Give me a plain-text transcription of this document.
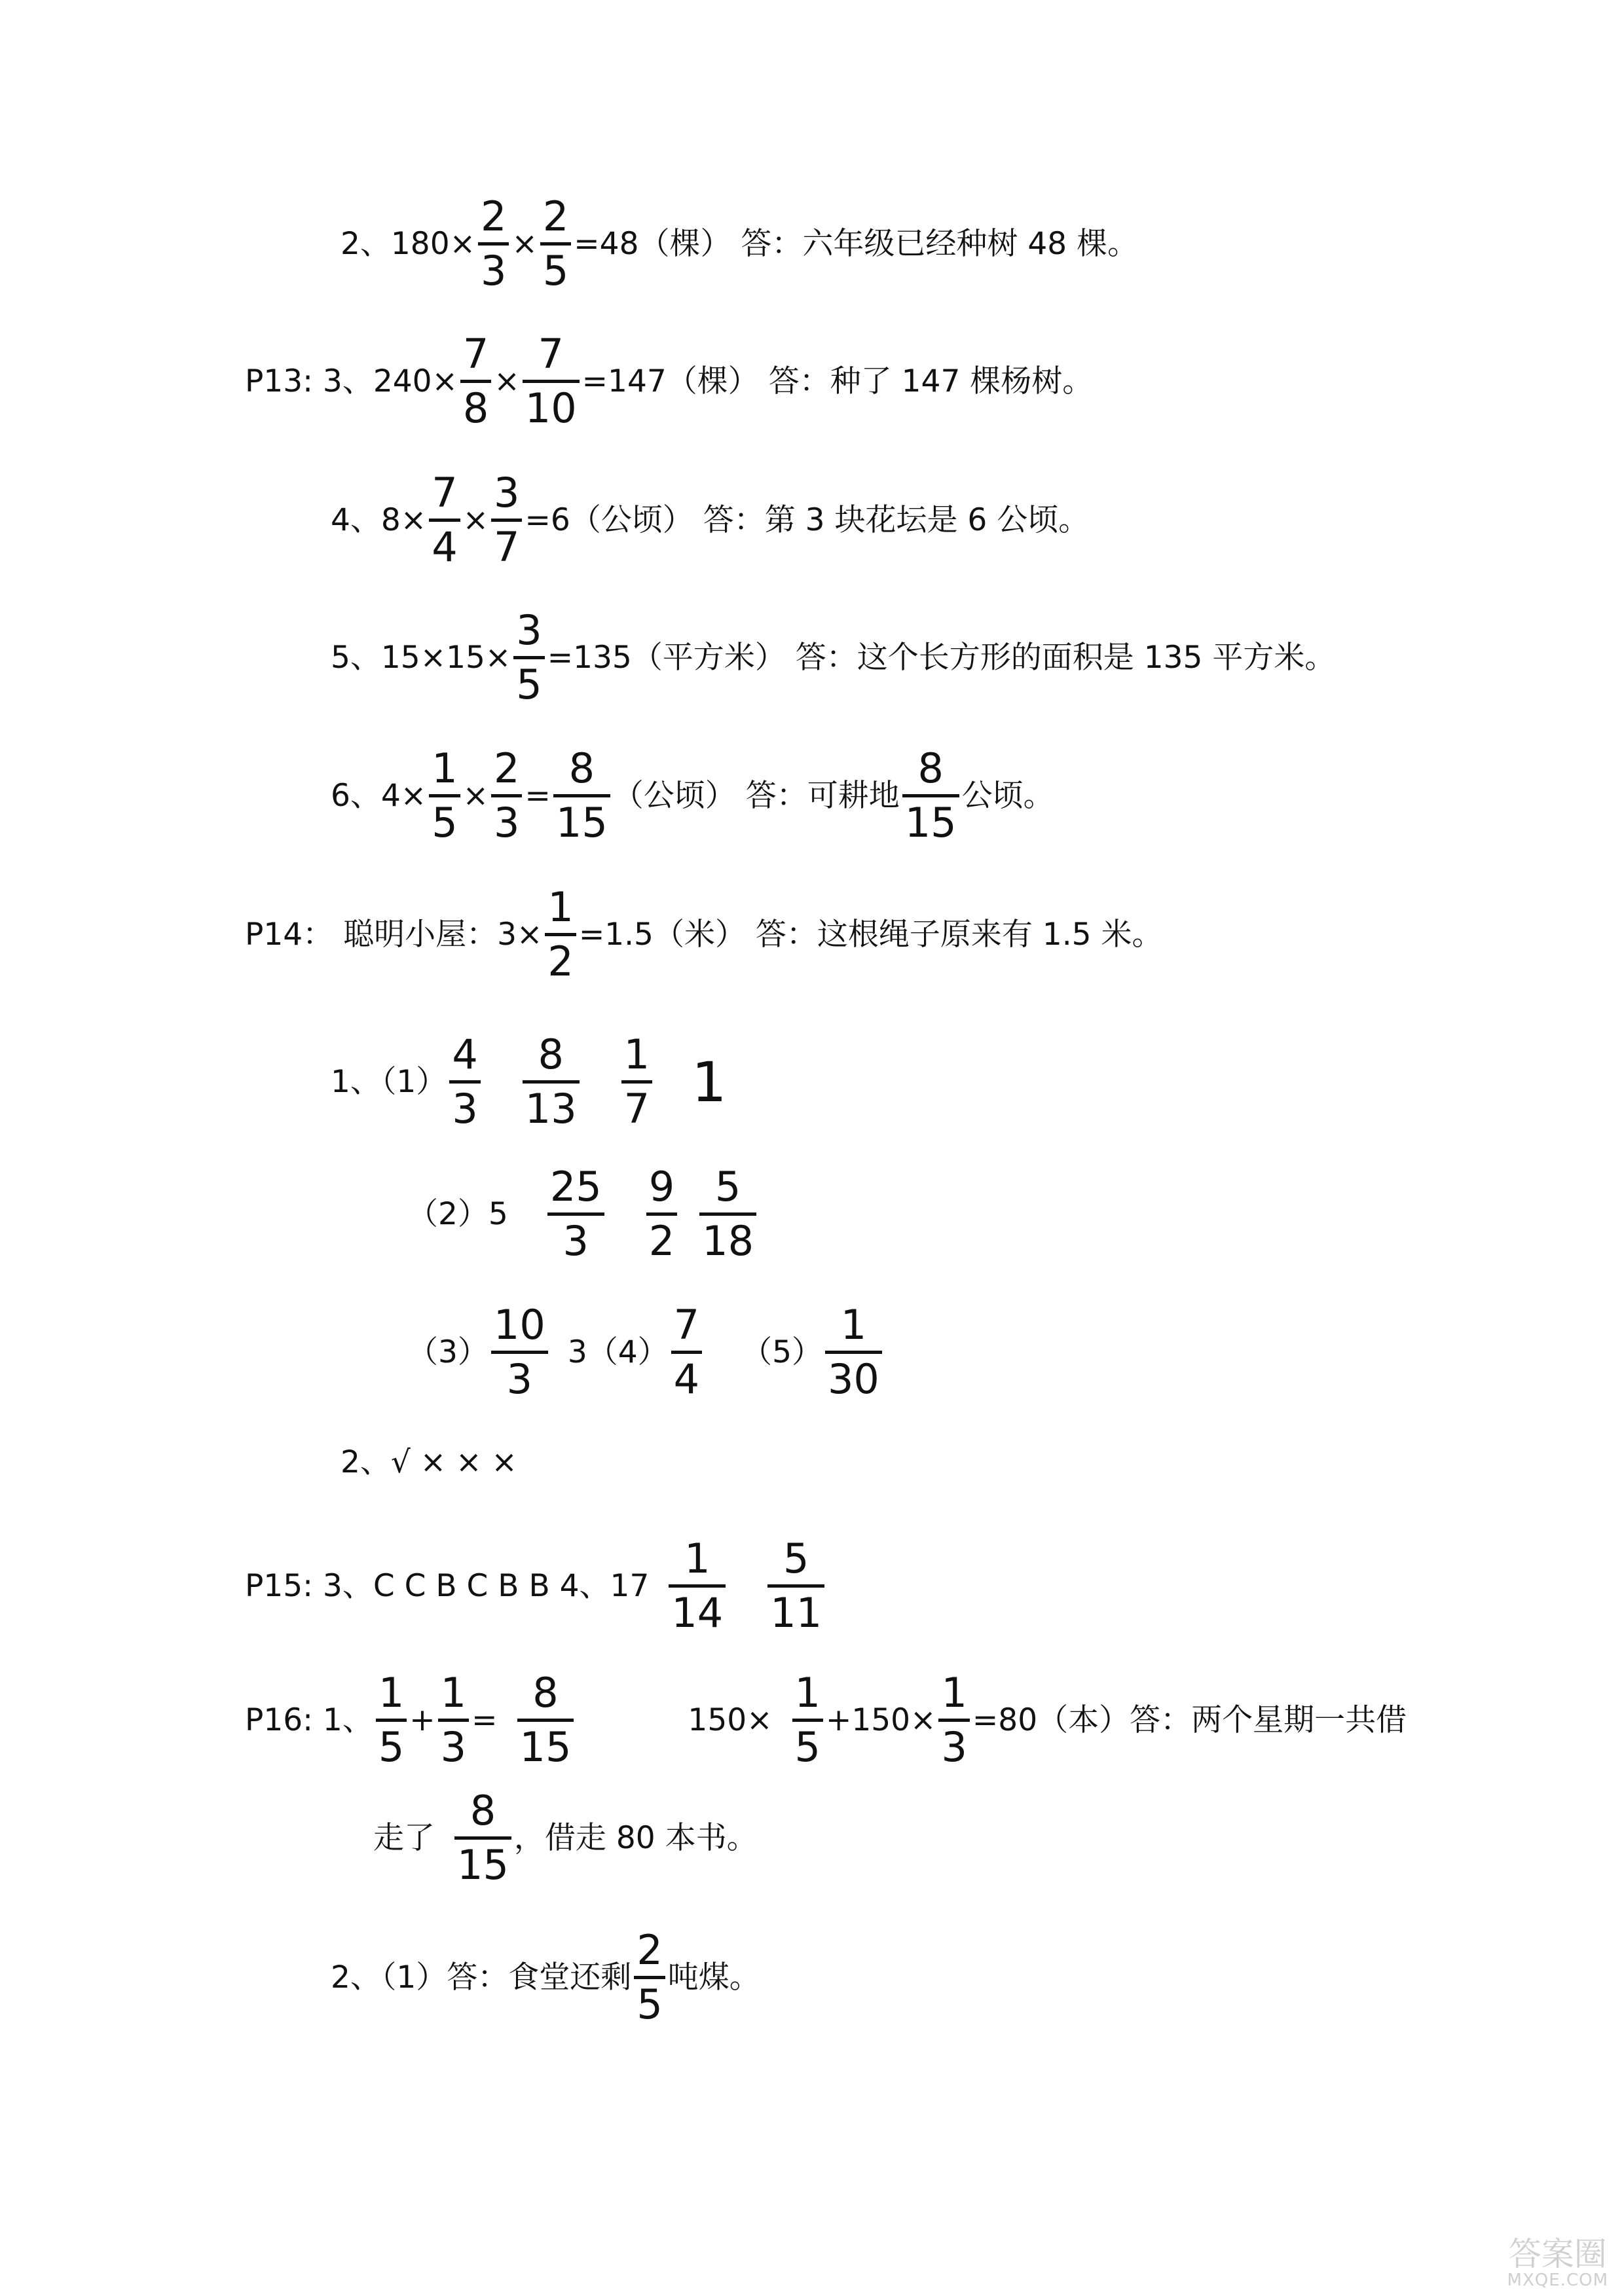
2、180×
2
3
×
2
5
=48（棵） 答：六年级已经种树 48 棵。
P13: 3、240×
7
8
×
7
10
=147（棵） 答：种了 147 棵杨树。
4、8×
7
4
×
3
7
=6（公顷） 答：第 3 块花坛是 6 公顷。
5、15×15×
3
5
=135（平方米） 答：这个长方形的面积是 135 平方米。
6、4×
1
5
×
2
3
=
8
15
（公顷） 答：可耕地
8
15
公顷。
P14： 聪明小屋：3×
1
2
=1.5（米） 答：这根绳子原来有 1.5 米。
1、（1）
4
3
8
13
1
7 1
（2）5
25
3
9
2
5
18
（3）
10
3
3（4）
7
4
（5）
1
30
2、√ × × ×
P15: 3、C C B C B B 4、17
1
14
5
11
P16: 1、
1
5
+
1
3
=
8
15
150×
1
5
+150×
1
3
=80（本）答：两个星期一共借
走了
8
15
，借走 80 本书。
2、（1）答：食堂还剩
2
5
吨煤。
答案圈
MXQE.COM
